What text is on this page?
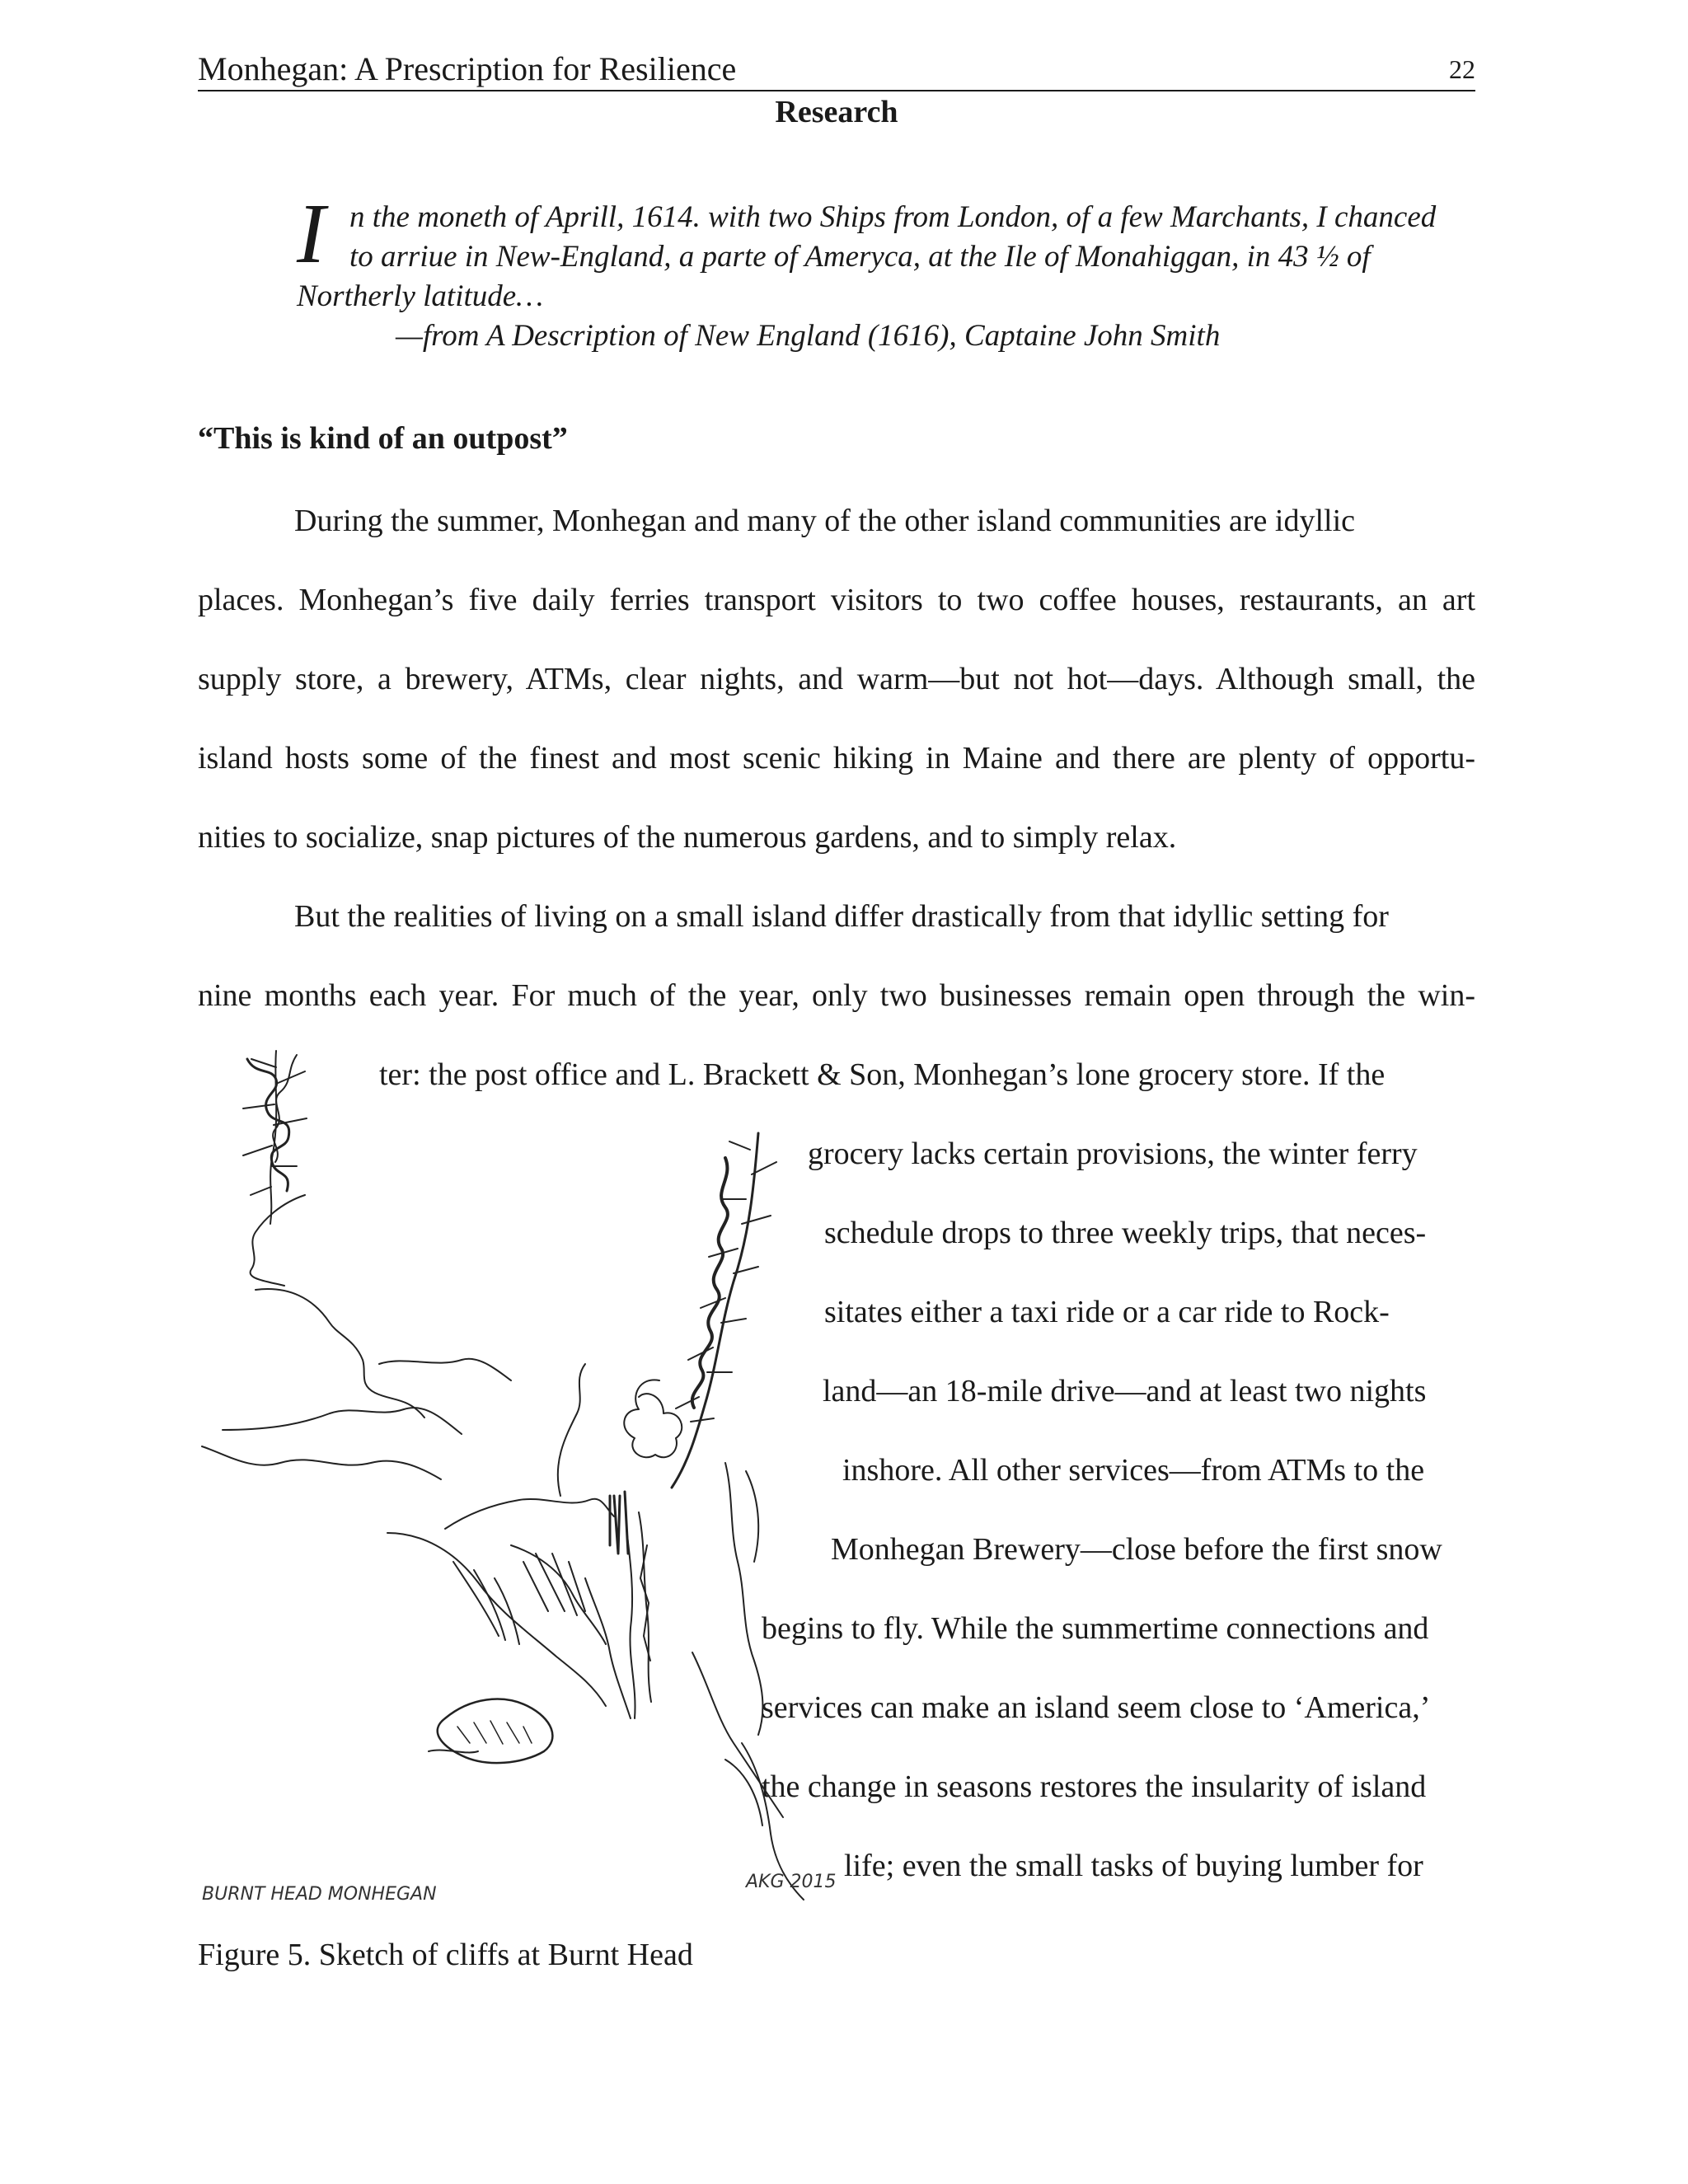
Monhegan: A Prescription for Resilience	22
Research
I n the moneth of Aprill, 1614. with two Ships from London, of a few Marchants, I chanced
to arriue in New-England, a parte of Ameryca, at the Ile of Monahiggan, in 43 ½ of
Northerly latitude…
—from A Description of New England (1616), Captaine John Smith
“This is kind of an outpost”
During the summer, Monhegan and many of the other island communities are idyllic
places. Monhegan’s five daily ferries transport visitors to two coffee houses, restaurants, an art
supply store, a brewery, ATMs, clear nights, and warm—but not hot—days. Although small, the
island hosts some of the finest and most scenic hiking in Maine and there are plenty of opportu-
nities to socialize, snap pictures of the numerous gardens, and to simply relax.
But the realities of living on a small island differ drastically from that idyllic setting for
nine months each year. For much of the year, only two businesses remain open through the win-
ter: the post office and L. Brackett & Son, Monhegan’s lone grocery store. If the
grocery lacks certain provisions, the winter ferry
schedule drops to three weekly trips, that neces-
sitates either a taxi ride or a car ride to Rock-
land—an 18-mile drive—and at least two nights
inshore. All other services—from ATMs to the
Monhegan Brewery—close before the first snow
begins to fly. While the summertime connections and
services can make an island seem close to ‘America,’
the change in seasons restores the insularity of island
life; even the small tasks of buying lumber for
BURNT HEAD MONHEGAN
AKG 2015
Figure 5. Sketch of cliffs at Burnt Head
